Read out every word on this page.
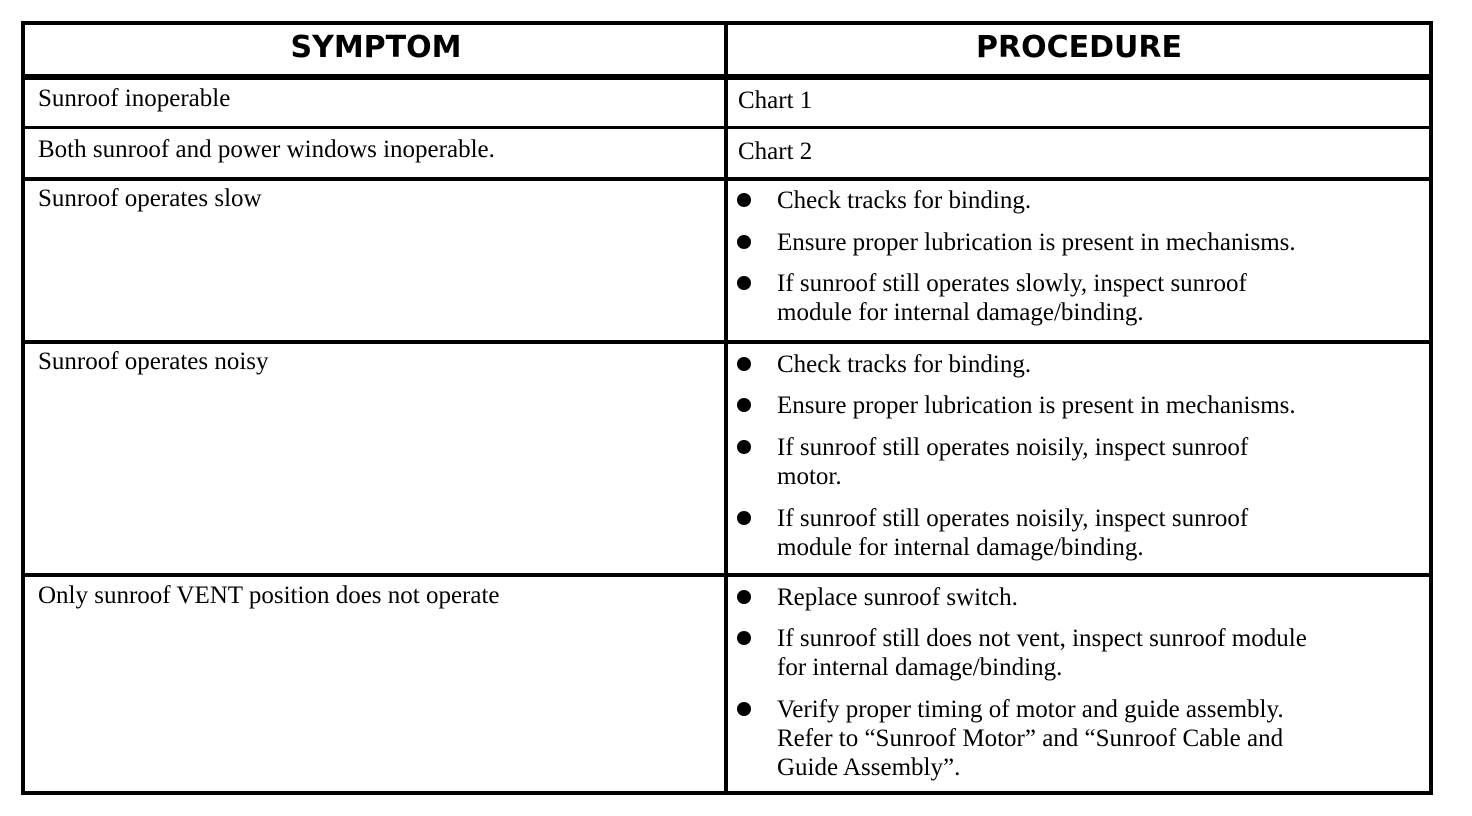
SYMPTOM	PROCEDURE
Sunroof inoperable	Chart 1
Both sunroof and power windows inoperable.	Chart 2
Sunroof operates slow	Check tracks for binding.
Ensure proper lubrication is present in mechanisms.
If sunroof still operates slowly, inspect sunroof
module for internal damage/binding.
Sunroof operates noisy	Check tracks for binding.
Ensure proper lubrication is present in mechanisms.
If sunroof still operates noisily, inspect sunroof
motor.
If sunroof still operates noisily, inspect sunroof
module for internal damage/binding.
Only sunroof VENT position does not operate	Replace sunroof switch.
If sunroof still does not vent, inspect sunroof module
for internal damage/binding.
Verify proper timing of motor and guide assembly.
Refer to “Sunroof Motor” and “Sunroof Cable and
Guide Assembly”.
